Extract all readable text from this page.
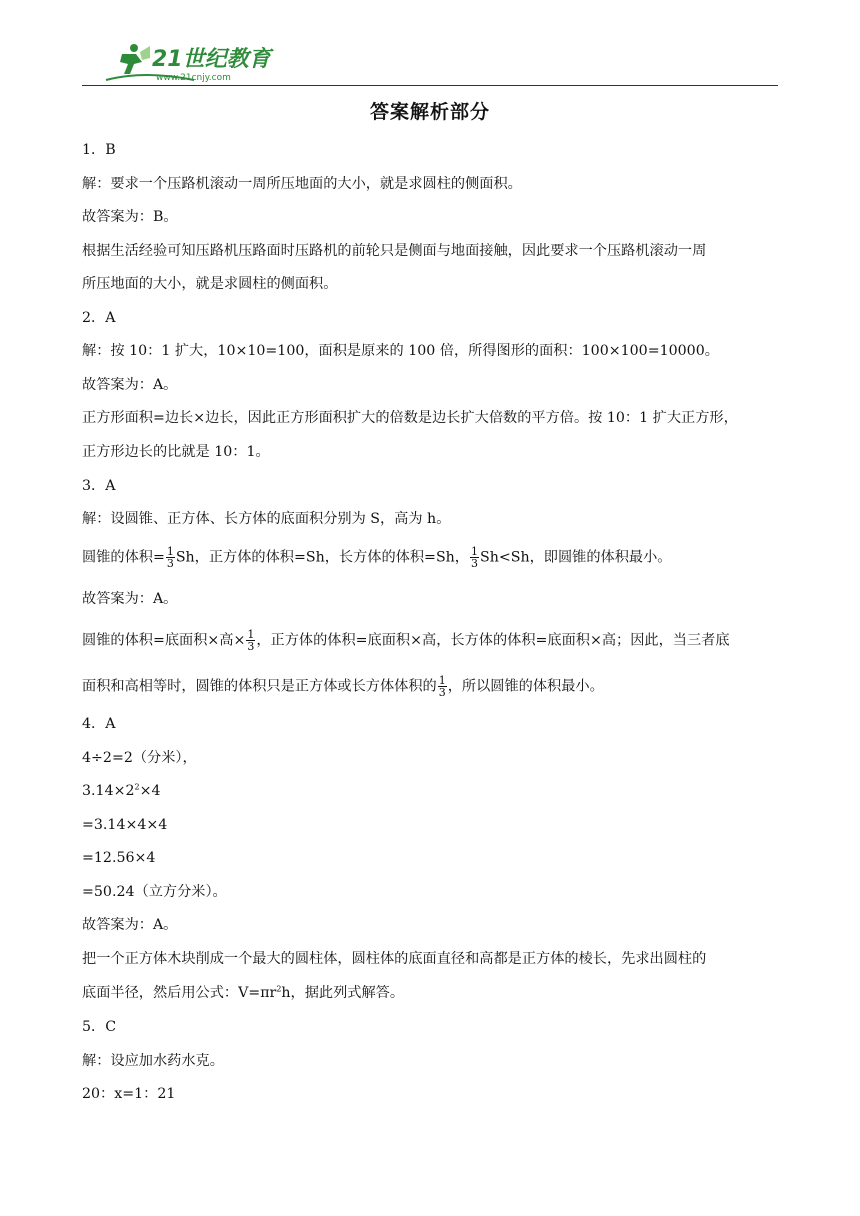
21世纪教育
www.21cnjy.com
答案解析部分
1．B
解：要求一个压路机滚动一周所压地面的大小，就是求圆柱的侧面积。
故答案为：B。
根据生活经验可知压路机压路面时压路机的前轮只是侧面与地面接触，因此要求一个压路机滚动一周
所压地面的大小，就是求圆柱的侧面积。
2．A
解：按 10：1 扩大，10×10=100，面积是原来的 100 倍，所得图形的面积：100×100=10000。
故答案为：A。
正方形面积=边长×边长，因此正方形面积扩大的倍数是边长扩大倍数的平方倍。按 10：1 扩大正方形，
正方形边长的比就是 10：1。
3．A
解：设圆锥、正方体、长方体的底面积分别为 S，高为 h。
圆锥的体积= $\frac{1}{3}$ Sh，正方体的体积=Sh，长方体的体积=Sh， $\frac{1}{3} Sh<Sh$，即圆锥的体积最小。
故答案为：A。
圆锥的体积=底面积×高× $\frac{1}{3}$ ，正方体的体积=底面积×高，长方体的体积=底面积×高；因此，当三者底
面积和高相等时，圆锥的体积只是正方体或长方体体积的 $\frac{1}{3}$ ，所以圆锥的体积最小。
4．A
4÷2=2（分米），
$3.14\times 2^2\times 4$
=3.14×4×4
=12.56×4
=50.24（立方分米）。
故答案为：A。
把一个正方体木块削成一个最大的圆柱体，圆柱体的底面直径和高都是正方体的棱长，先求出圆柱的
底面半径，然后用公式：$V=\pi r^2h$，据此列式解答。
5．C
解：设应加水药水克。
20：x=1：21
